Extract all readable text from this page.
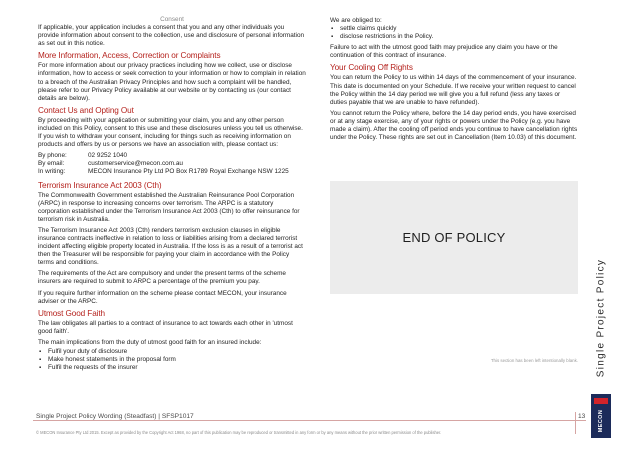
Consent
If applicable, your application includes a consent that you and any other individuals you provide information about consent to the collection, use and disclosure of personal information as set out in this notice.
More Information, Access, Correction or Complaints
For more information about our privacy practices including how we collect, use or disclose information, how to access or seek correction to your information or how to complain in relation to a breach of the Australian Privacy Principles and how such a complaint will be handled, please refer to our Privacy Policy available at our website or by contacting us (our contact details are below).
Contact Us and Opting Out
By proceeding with your application or submitting your claim, you and any other person included on this Policy, consent to this use and these disclosures unless you tell us otherwise. If you wish to withdraw your consent, including for things such as receiving information on products and offers by us or persons we have an association with, please contact us:
By phone:	02 9252 1040
By email:	customerservice@mecon.com.au
In writing:	MECON Insurance Pty Ltd PO Box R1789 Royal Exchange NSW 1225
Terrorism Insurance Act 2003 (Cth)
The Commonwealth Government established the Australian Reinsurance Pool Corporation (ARPC) in response to increasing concerns over terrorism. The ARPC is a statutory corporation established under the Terrorism Insurance Act 2003 (Cth) to offer reinsurance for terrorism risk in Australia.
The Terrorism Insurance Act 2003 (Cth) renders terrorism exclusion clauses in eligible insurance contracts ineffective in relation to loss or liabilities arising from a declared terrorist incident affecting eligible property located in Australia. If the loss is as a result of a terrorist act then the Treasurer will be responsible for paying your claim in accordance with the Policy terms and conditions.
The requirements of the Act are compulsory and under the present terms of the scheme insurers are required to submit to ARPC a percentage of the premium you pay.
If you require further information on the scheme please contact MECON, your insurance adviser or the ARPC.
Utmost Good Faith
The law obligates all parties to a contract of insurance to act towards each other in 'utmost good faith'.
The main implications from the duty of utmost good faith for an insured include:
▪ Fulfil your duty of disclosure
▪ Make honest statements in the proposal form
▪ Fulfil the requests of the insurer
We are obliged to:
▪ settle claims quickly
▪ disclose restrictions in the Policy.
Failure to act with the utmost good faith may prejudice any claim you have or the continuation of this contract of insurance.
Your Cooling Off Rights
You can return the Policy to us within 14 days of the commencement of your insurance. This date is documented on your Schedule. If we receive your written request to cancel the Policy within the 14 day period we will give you a full refund (less any taxes or duties payable that we are unable to have refunded).
You cannot return the Policy where, before the 14 day period ends, you have exercised or at any stage exercise, any of your rights or powers under the Policy (e.g. you have made a claim). After the cooling off period ends you continue to have cancellation rights under the Policy. These rights are set out in Cancellation (Item 10.03) of this document.
END OF POLICY
This section has been left intentionally blank. Single Project Policy
MECON
Single Project Policy Wording (Steadfast) | SFSP1017	13
© MECON Insurance Pty Ltd 2015. Except as provided by the Copyright Act 1968, no part of this publication may be reproduced or transmitted in any form or by any means without the prior written permission of the publisher.
